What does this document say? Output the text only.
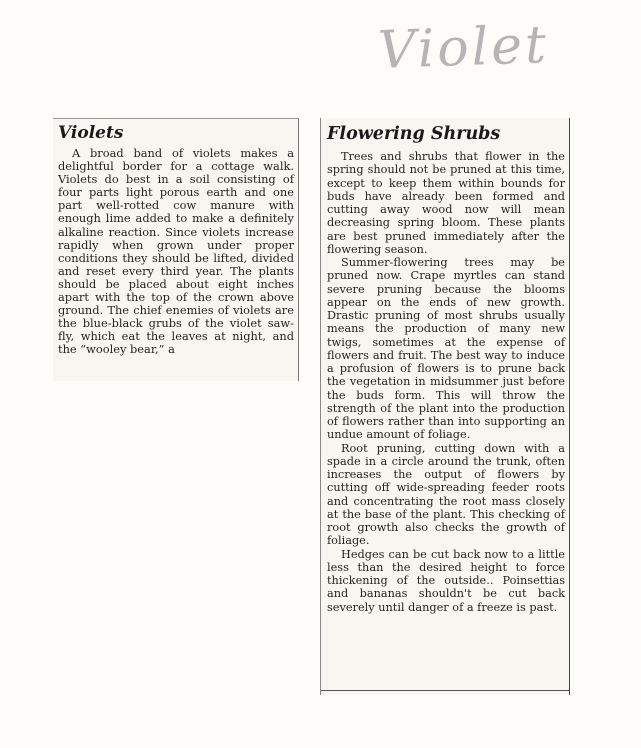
Violet
Violets

A broad band of violets makes a delightful border for a cottage walk. Violets do best in a soil consisting of four parts light porous earth and one part well-rotted cow manure with enough lime added to make a definitely alkaline reaction. Since violets increase rapidly when grown under proper conditions they should be lifted, divided and reset every third year. The plants should be placed about eight inches apart with the top of the crown above ground. The chief enemies of violets are the blue-black grubs of the violet saw-fly, which eat the leaves at night, and the “wooley bear,” a

Flowering Shrubs

Trees and shrubs that flower in the spring should not be pruned at this time, except to keep them within bounds for buds have already been formed and cutting away wood now will mean decreasing spring bloom. These plants are best pruned immediately after the flowering season.

Summer-flowering trees may be pruned now. Crape myrtles can stand severe pruning because the blooms appear on the ends of new growth. Drastic pruning of most shrubs usually means the production of many new twigs, sometimes at the expense of flowers and fruit. The best way to induce a profusion of flowers is to prune back the vegetation in midsummer just before the buds form. This will throw the strength of the plant into the production of flowers rather than into supporting an undue amount of foliage.

Root pruning, cutting down with a spade in a circle around the trunk, often increases the output of flowers by cutting off wide-spreading feeder roots and concentrating the root mass closely at the base of the plant. This checking of root growth also checks the growth of foliage.

Hedges can be cut back now to a little less than the desired height to force thickening of the outside.. Poinsettias and bananas shouldn't be cut back severely until danger of a freeze is past.
